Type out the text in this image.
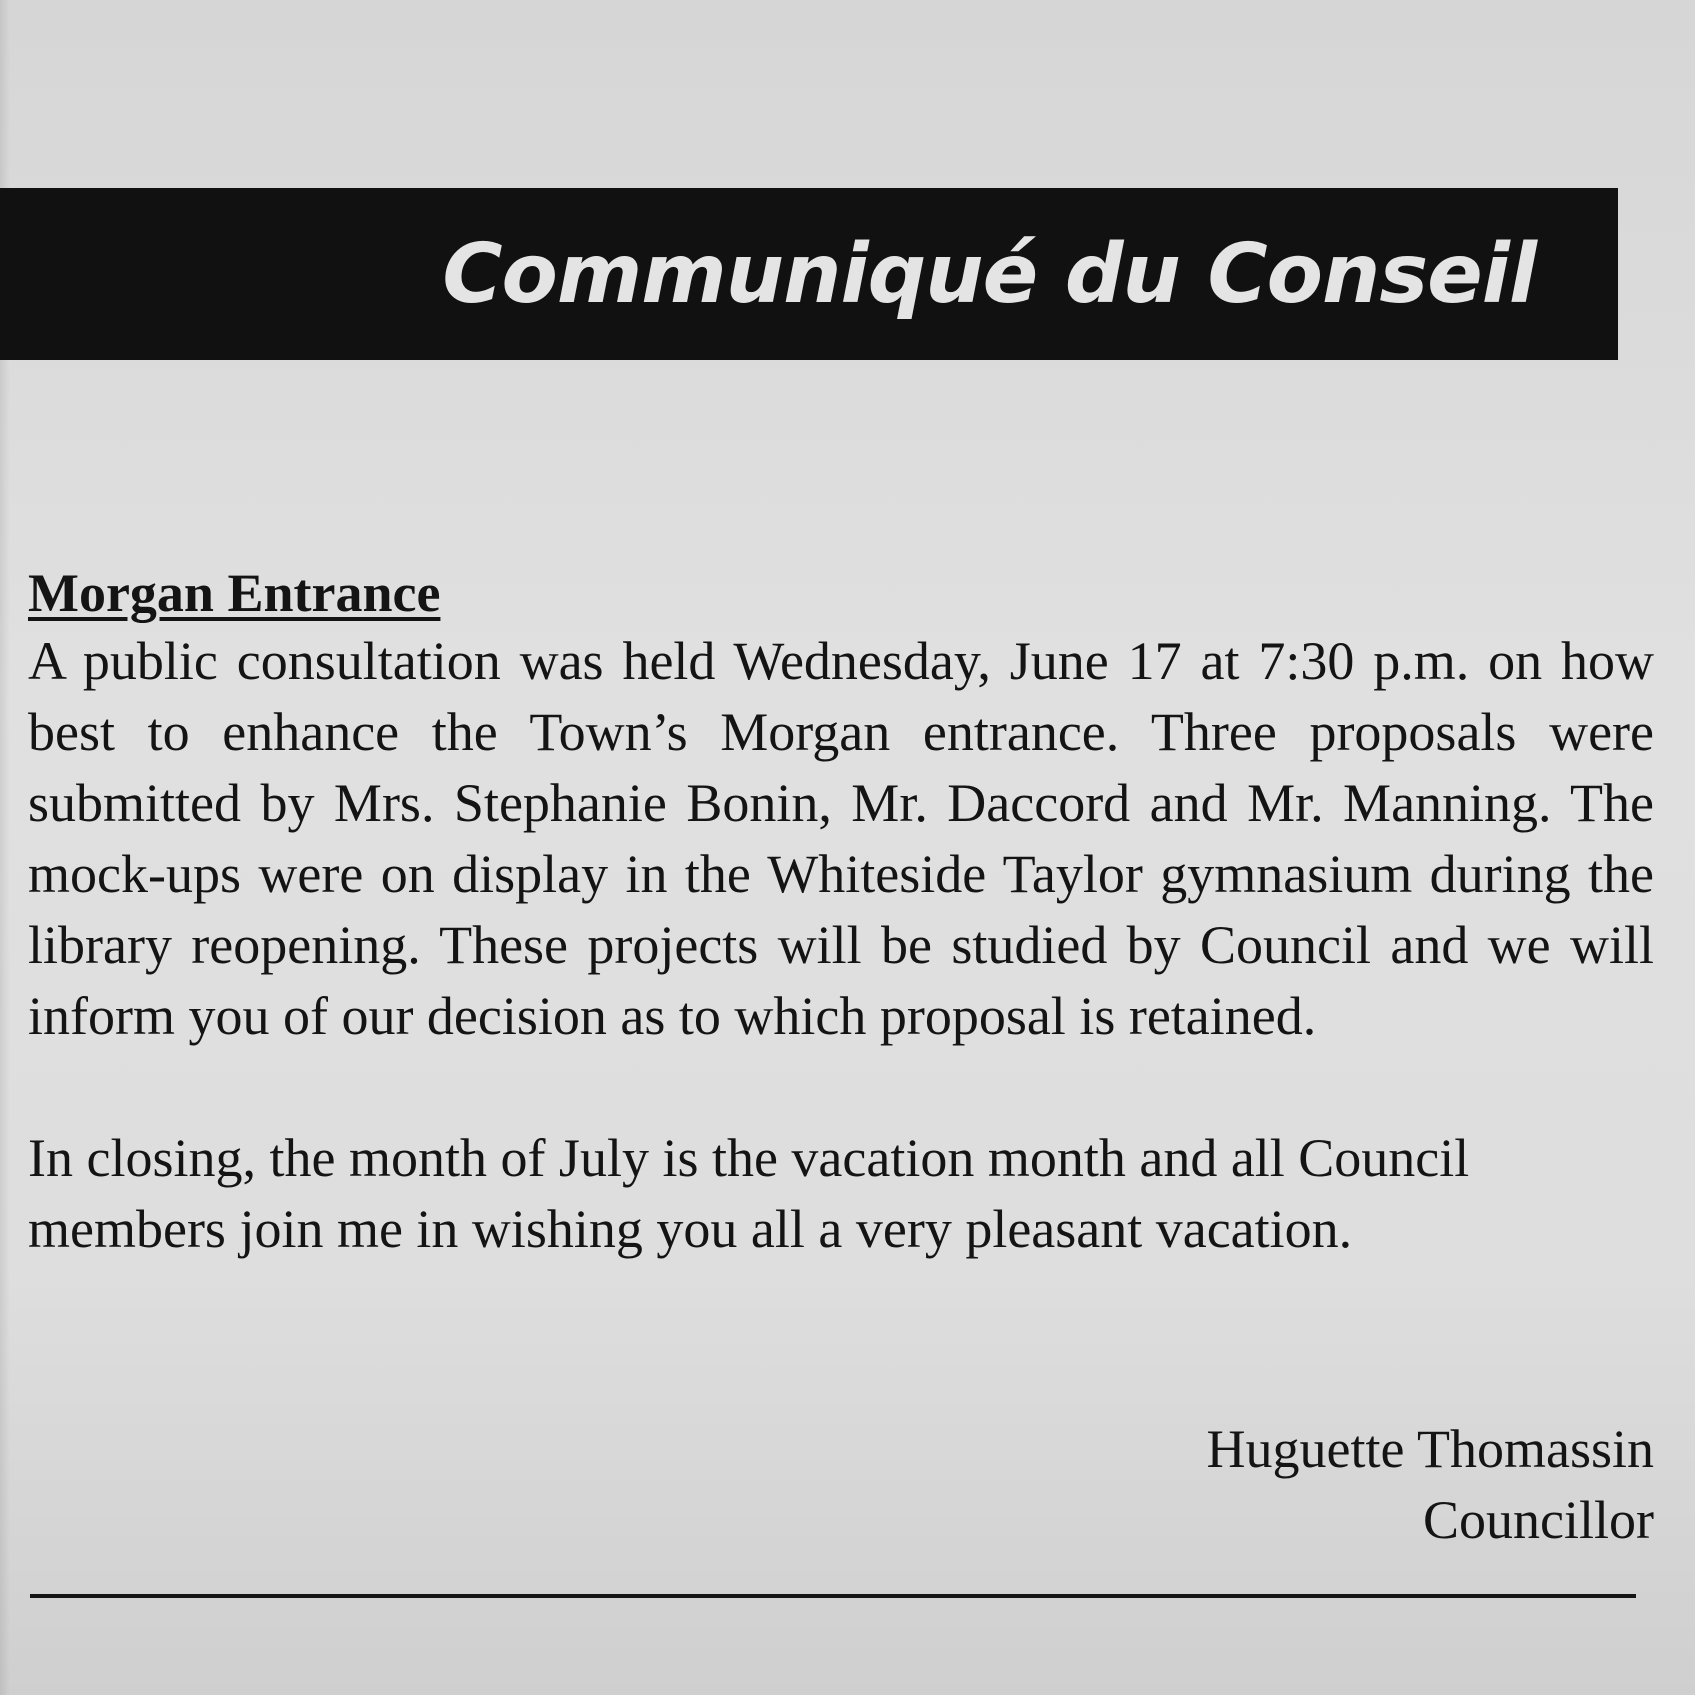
Communiqué du Conseil
Morgan Entrance

A public consultation was held Wednesday, June 17 at 7:30 p.m. on how best to enhance the Town’s Morgan entrance. Three proposals were submitted by Mrs. Stephanie Bonin, Mr. Daccord and Mr. Manning. The mock-ups were on display in the Whiteside Taylor gymnasium during the library reopening. These projects will be studied by Council and we will inform you of our decision as to which proposal is retained.

In closing, the month of July is the vacation month and all Council members join me in wishing you all a very pleasant vacation.

Huguette Thomassin
Councillor
